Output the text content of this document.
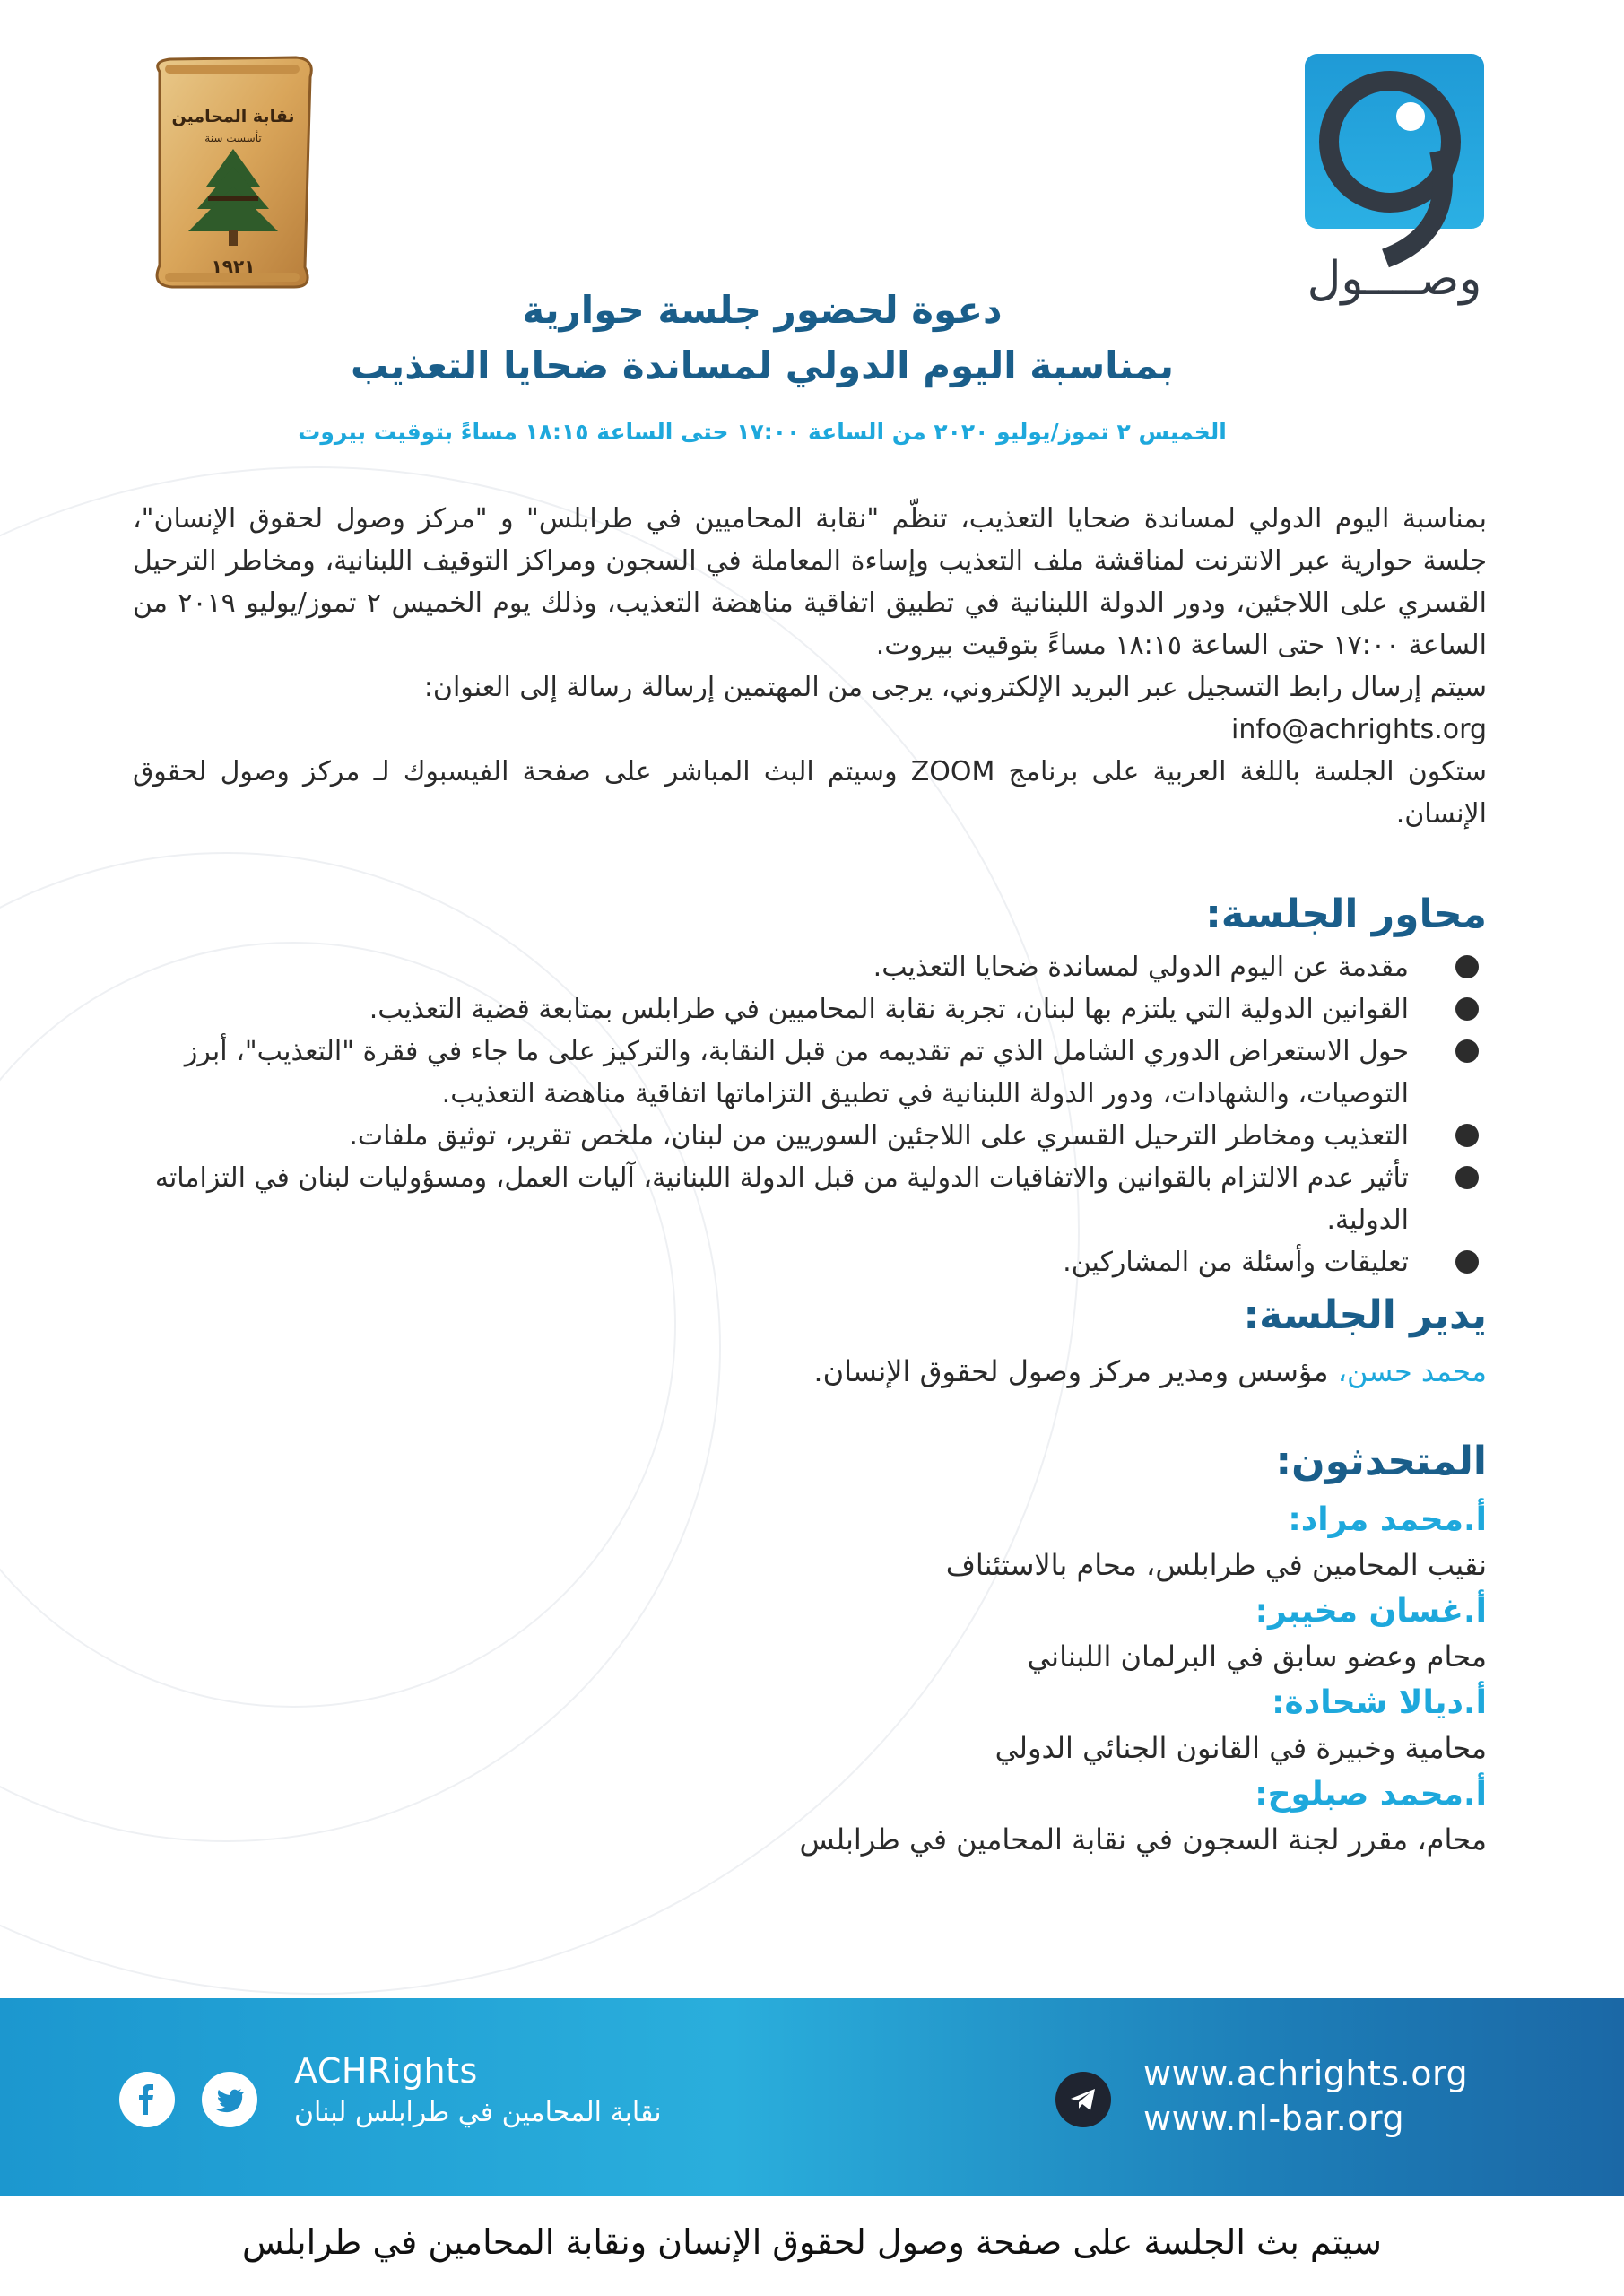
نقابة المحامين
تأسست سنة
١٩٢١	وصــــول
دعوة لحضور جلسة حوارية
بمناسبة اليوم الدولي لمساندة ضحايا التعذيب
الخميس ٢ تموز/يوليو ٢٠٢٠ من الساعة ١٧:٠٠ حتى الساعة ١٨:١٥ مساءً بتوقيت بيروت

بمناسبة اليوم الدولي لمساندة ضحايا التعذيب، تنظّم "نقابة المحاميين في طرابلس" و "مركز وصول لحقوق الإنسان"، جلسة حوارية عبر الانترنت لمناقشة ملف التعذيب وإساءة المعاملة في السجون ومراكز التوقيف اللبنانية، ومخاطر الترحيل القسري على اللاجئين، ودور الدولة اللبنانية في تطبيق اتفاقية مناهضة التعذيب، وذلك يوم الخميس ٢ تموز/يوليو ٢٠١٩ من الساعة ١٧:٠٠ حتى الساعة ١٨:١٥ مساءً بتوقيت بيروت.

سيتم إرسال رابط التسجيل عبر البريد الإلكتروني، يرجى من المهتمين إرسالة رسالة إلى العنوان:

info@achrights.org

ستكون الجلسة باللغة العربية على برنامج ZOOM وسيتم البث المباشر على صفحة الفيسبوك لـ مركز وصول لحقوق الإنسان.

محاور الجلسة:
مقدمة عن اليوم الدولي لمساندة ضحايا التعذيب.
القوانين الدولية التي يلتزم بها لبنان، تجربة نقابة المحاميين في طرابلس بمتابعة قضية التعذيب.
حول الاستعراض الدوري الشامل الذي تم تقديمه من قبل النقابة، والتركيز على ما جاء في فقرة "التعذيب"، أبرز التوصيات، والشهادات، ودور الدولة اللبنانية في تطبيق التزاماتها اتفاقية مناهضة التعذيب.
التعذيب ومخاطر الترحيل القسري على اللاجئين السوريين من لبنان، ملخص تقرير، توثيق ملفات.
تأثير عدم الالتزام بالقوانين والاتفاقيات الدولية من قبل الدولة اللبنانية، آليات العمل، ومسؤوليات لبنان في التزاماته الدولية.
تعليقات وأسئلة من المشاركين.
يدير الجلسة:
محمد حسن، مؤسس ومدير مركز وصول لحقوق الإنسان.
المتحدثون:
أ.محمد مراد:
نقيب المحامين في طرابلس، محام بالاستئناف
أ.غسان مخيبر:
محام وعضو سابق في البرلمان اللبناني
أ.ديالا شحادة:
محامية وخبيرة في القانون الجنائي الدولي
أ.محمد صبلوح:
محام، مقرر لجنة السجون في نقابة المحامين في طرابلس
ACHRights
نقابة المحامين في طرابلس لبنان
www.achrights.org
www.nl-bar.org
سيتم بث الجلسة على صفحة وصول لحقوق الإنسان ونقابة المحامين في طرابلس
